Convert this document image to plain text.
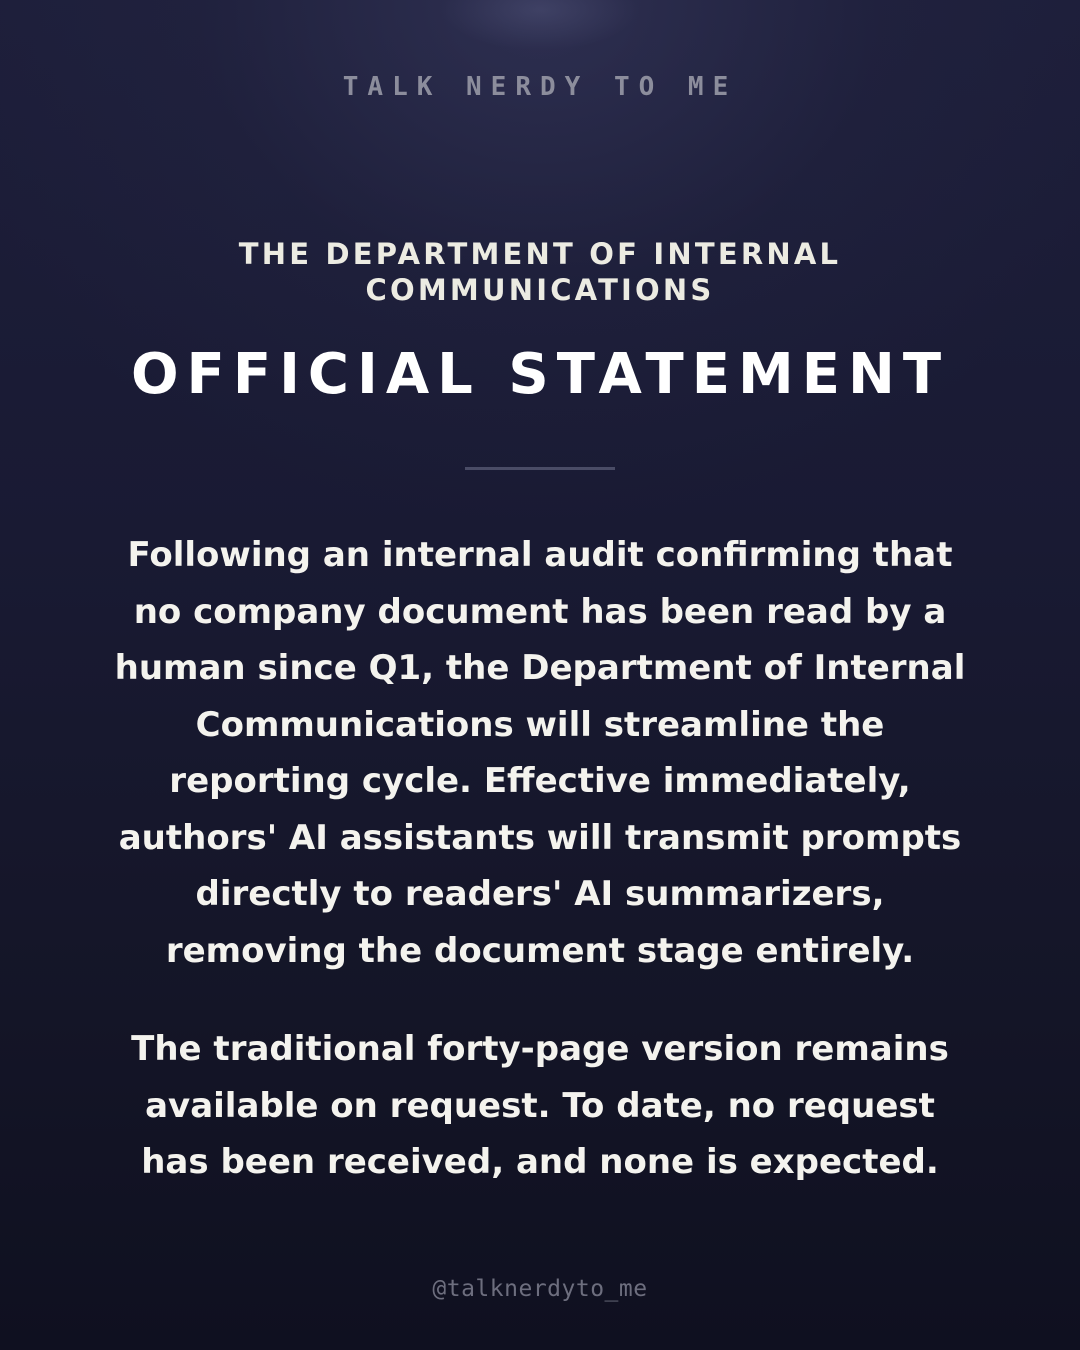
TALK NERDY TO ME
THE DEPARTMENT OF INTERNAL COMMUNICATIONS
OFFICIAL STATEMENT

Following an internal audit confirming that no company document has been read by a human since Q1, the Department of Internal Communications will streamline the reporting cycle. Effective immediately, authors' AI assistants will transmit prompts directly to readers' AI summarizers, removing the document stage entirely.

The traditional forty-page version remains available on request. To date, no request has been received, and none is expected.

@talknerdyto_me
